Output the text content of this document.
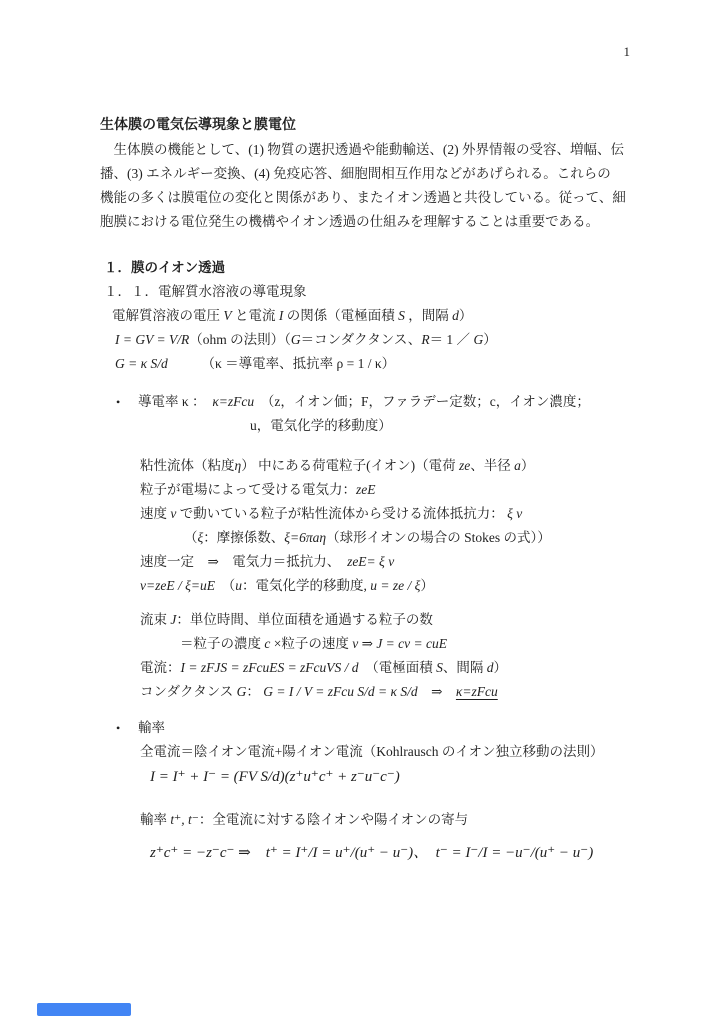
1
生体膜の電気伝導現象と膜電位
　生体膜の機能として、(1) 物質の選択透過や能動輸送、(2) 外界情報の受容、増幅、伝
播、(3) エネルギー変換、(4) 免疫応答、細胞間相互作用などがあげられる。これらの
機能の多くは膜電位の変化と関係があり、またイオン透過と共役している。従って、細
胞膜における電位発生の機構やイオン透過の仕組みを理解することは重要である。
１．膜のイオン透過
１．１．電解質水溶液の導電現象
電解質溶液の電圧 V と電流 I の関係（電極面積 S ，間隔 d）
I = GV = V/R（ohm の法則）（G＝コンダクタンス、R＝ 1 ／ G）
G = κ S/d　　　（κ ＝導電率、抵抗率 ρ = 1 / κ）
• 導電率 κ ：　κ=zFcu　（z，イオン価；F，ファラデー定数；c，イオン濃度；
u，電気化学的移動度）
粘性流体（粘度η） 中にある荷電粒子(イオン)（電荷 ze、半径 a）
粒子が電場によって受ける電気力：zeE
速度 v で動いている粒子が粘性流体から受ける流体抵抗力： ξ v
（ξ：摩擦係数、ξ=6πaη（球形イオンの場合の Stokes の式））
速度一定　⇒　電気力＝抵抗力、　zeE= ξ v
v=zeE / ξ=uE　（u：電気化学的移動度, u = ze / ξ）
流束 J：単位時間、単位面積を通過する粒子の数
＝粒子の濃度 c ×粒子の速度 v ⇒ J = cv = cuE
電流：I = zFJS = zFcuES = zFcuVS / d　（電極面積 S、間隔 d）
コンダクタンス G： G = I / V = zFcu S/d = κ S/d　⇒　κ=zFcu
• 輸率
全電流＝陰イオン電流+陽イオン電流（Kohlrausch のイオン独立移動の法則）
I = I⁺ + I⁻ = (FV S/d)(z⁺u⁺c⁺ + z⁻u⁻c⁻)
輸率 t⁺, t⁻：全電流に対する陰イオンや陽イオンの寄与
z⁺c⁺ = −z⁻c⁻ ⇒　t⁺ = I⁺/I = u⁺/(u⁺ − u⁻)、　t⁻ = I⁻/I = −u⁻/(u⁺ − u⁻)
